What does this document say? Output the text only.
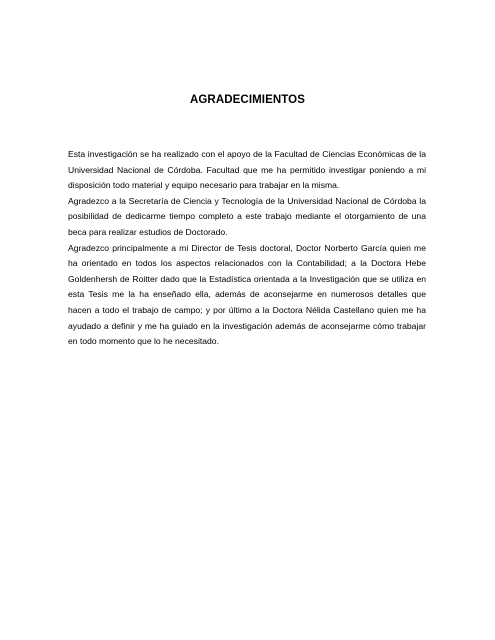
AGRADECIMIENTOS

Esta investigación se ha realizado con el apoyo de la Facultad de Ciencias Económicas de la Universidad Nacional de Córdoba. Facultad que me ha permitido investigar poniendo a mi disposición todo material y equipo necesario para trabajar en la misma.

Agradezco a la Secretaría de Ciencia y Tecnología de la Universidad Nacional de Córdoba la posibilidad de dedicarme tiempo completo a este trabajo mediante el otorgamiento de una beca para realizar estudios de Doctorado.

Agradezco principalmente a mi Director de Tesis doctoral, Doctor Norberto García quien me ha orientado en todos los aspectos relacionados con la Contabilidad; a la Doctora Hebe Goldenhersh de Roitter dado que la Estadística orientada a la Investigación que se utiliza en esta Tesis me la ha enseñado ella, además de aconsejarme en numerosos detalles que hacen a todo el trabajo de campo; y por último a la Doctora Nélida Castellano quien me ha ayudado a definir y me ha guiado en la investigación además de aconsejarme cómo trabajar en todo momento que lo he necesitado.
